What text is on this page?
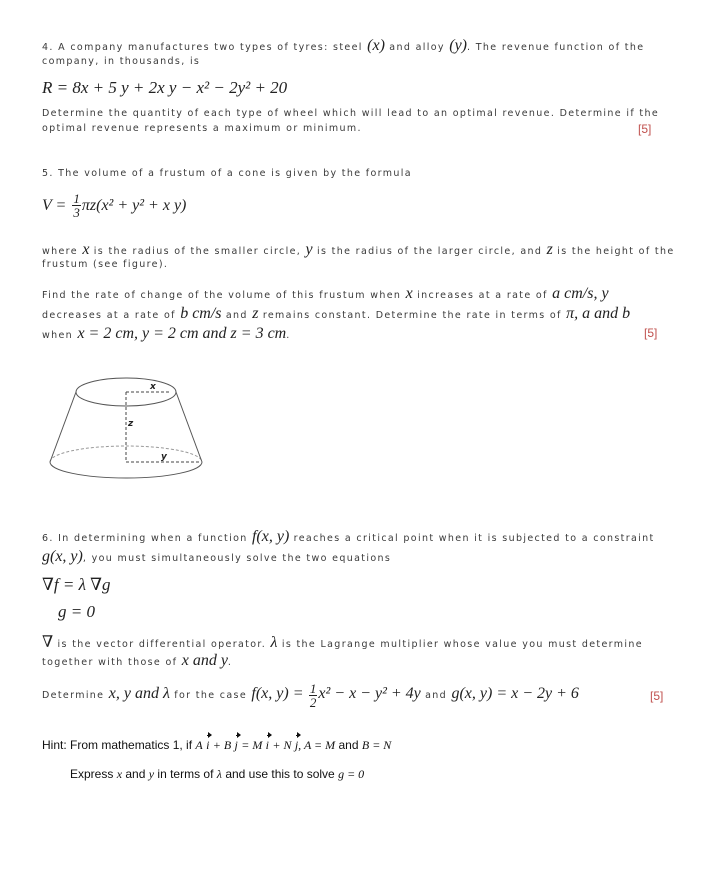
4. A company manufactures two types of tyres: steel (x) and alloy (y). The revenue function of the
company, in thousands, is
R = 8x + 5 y + 2x y − x² − 2y² + 20
Determine the quantity of each type of wheel which will lead to an optimal revenue. Determine if the
optimal revenue represents a maximum or minimum.	[5]
5. The volume of a frustum of a cone is given by the formula
$V = \frac{1}{3} \pi z(x^2 + y^2 + x$ y)
where x is the radius of the smaller circle, y is the radius of the larger circle, and z is the height of the
frustum (see figure).
Find the rate of change of the volume of this frustum when x increases at a rate of a cm/s, y
decreases at a rate of b cm/s and z remains constant. Determine the rate in terms of π, a and b
when x = 2 cm, y = 2 cm and z = 3 cm.	[5]
x
z
y
6. In determining when a function f(x, y) reaches a critical point when it is subjected to a constraint
g(x, y), you must simultaneously solve the two equations
∇f = λ ∇g
g = 0
∇ is the vector differential operator. λ is the Lagrange multiplier whose value you must determine
together with those of x and y.
Determine x, y and λ for the case f(x, $y) = \frac{1}{2} x^2 - x - y^2 + 4y$ and g(x, y) = x − 2y + 6	[5]
Hint: From mathematics 1, if A i + B j = M i + N j, A = M and B = N
Express x and y in terms of λ and use this to solve g = 0
